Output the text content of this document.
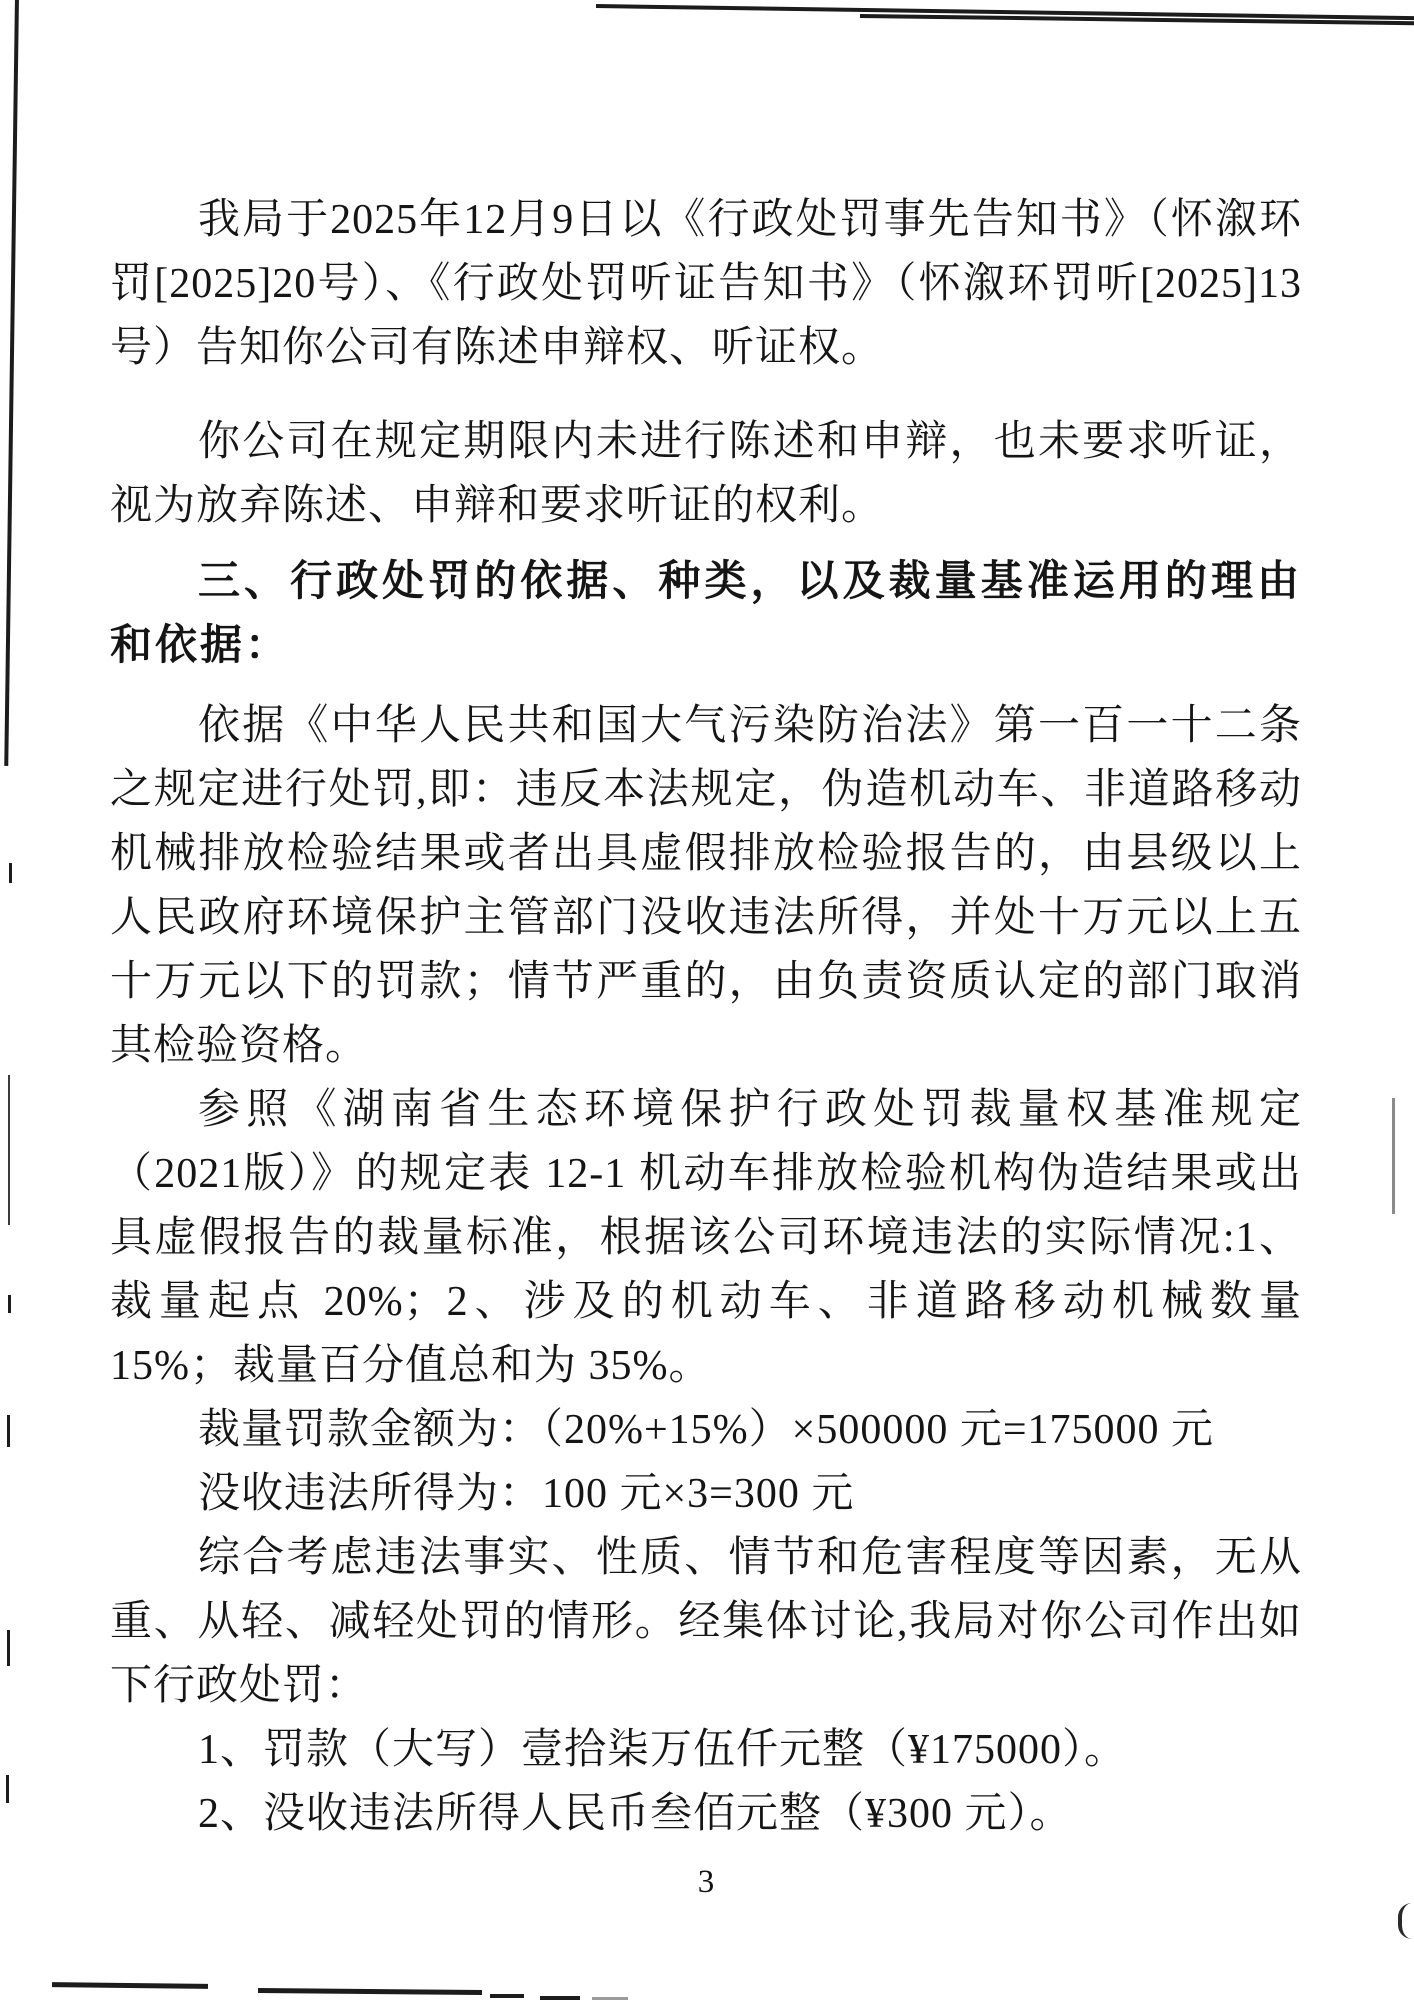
我局于2025年12月9日以《行政处罚事先告知书》（怀溆环罚[2025]20号）、《行政处罚听证告知书》（怀溆环罚听[2025]13号）告知你公司有陈述申辩权、听证权。

你公司在规定期限内未进行陈述和申辩，也未要求听证，视为放弃陈述、申辩和要求听证的权利。

三、行政处罚的依据、种类，以及裁量基准运用的理由和依据：

依据《中华人民共和国大气污染防治法》第一百一十二条之规定进行处罚,即：违反本法规定，伪造机动车、非道路移动机械排放检验结果或者出具虚假排放检验报告的，由县级以上人民政府环境保护主管部门没收违法所得，并处十万元以上五十万元以下的罚款；情节严重的，由负责资质认定的部门取消其检验资格。

参照《湖南省生态环境保护行政处罚裁量权基准规定（2021版）》的规定表 12-1 机动车排放检验机构伪造结果或出具虚假报告的裁量标准，根据该公司环境违法的实际情况:1、裁量起点 20%；2、涉及的机动车、非道路移动机械数量 15%；裁量百分值总和为 35%。

裁量罚款金额为：（20%+15%）×500000 元=175000 元

没收违法所得为：100 元×3=300 元

综合考虑违法事实、性质、情节和危害程度等因素，无从重、从轻、减轻处罚的情形。经集体讨论,我局对你公司作出如下行政处罚：

1、罚款（大写）壹拾柒万伍仟元整（¥175000）。

2、没收违法所得人民币叁佰元整（¥300 元）。

3
